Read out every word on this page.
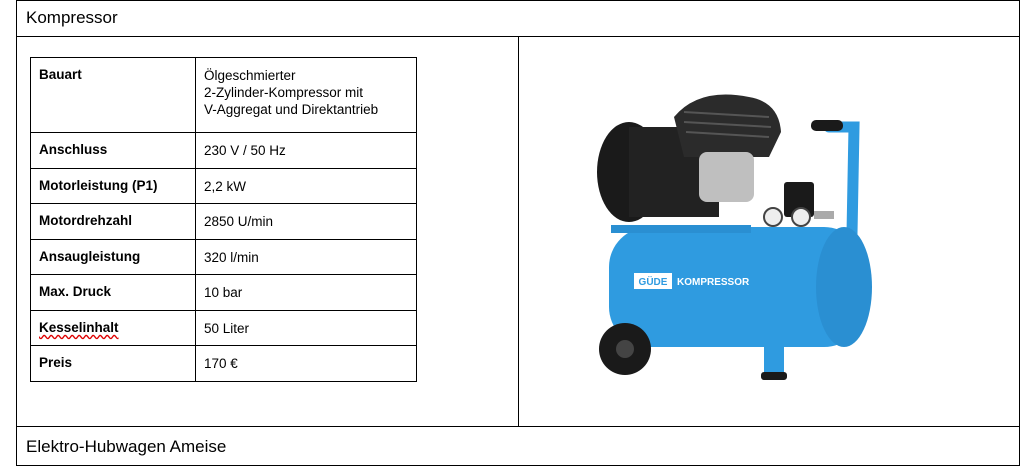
Kompressor
Bauart	Ölgeschmierter
2-Zylinder-Kompressor mit
V-Aggregat und Direktantrieb
Anschluss	230 V / 50 Hz
Motorleistung (P1)	2,2 kW
Motordrehzahl	2850 U/min
Ansaugleistung	320 l/min
Max. Druck	10 bar
Kesselinhalt	50 Liter
Preis	170 €
GÜDE KOMPRESSOR
Elektro-Hubwagen Ameise
